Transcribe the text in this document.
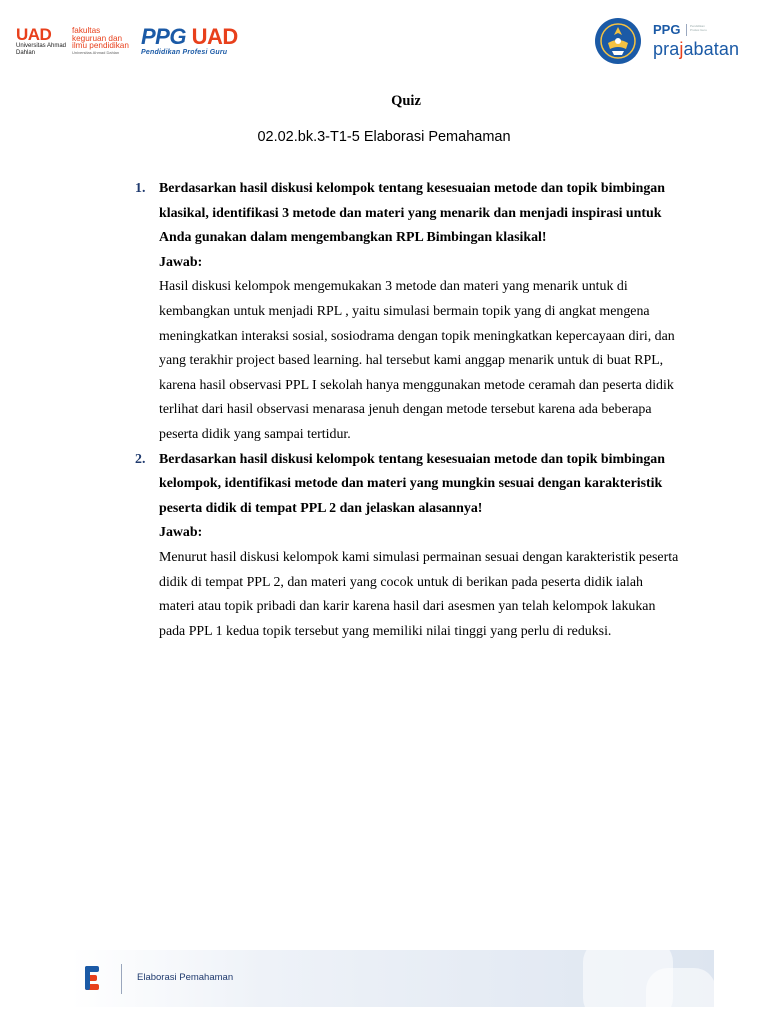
UAD
Universitas Ahmad Dahlan
fakultas
keguruan dan
ilmu pendidikan
Universitas Ahmad Dahlan
PPG UAD
Pendidikan Profesi Guru
PPG	Pendidikan Profesi Guru
prajabatan
Quiz
02.02.bk.3-T1-5 Elaborasi Pemahaman
1. Berdasarkan hasil diskusi kelompok tentang kesesuaian metode dan topik bimbingan klasikal, identifikasi 3 metode dan materi yang menarik dan menjadi inspirasi untuk Anda gunakan dalam mengembangkan RPL Bimbingan klasikal!
Jawab:
Hasil diskusi kelompok mengemukakan 3 metode dan materi yang menarik untuk di kembangkan untuk menjadi RPL , yaitu simulasi bermain topik yang di angkat mengena meningkatkan interaksi sosial, sosiodrama dengan topik meningkatkan kepercayaan diri, dan yang terakhir project based learning. hal tersebut kami anggap menarik untuk di buat RPL, karena hasil observasi PPL I sekolah hanya menggunakan metode ceramah dan peserta didik terlihat dari hasil observasi menarasa jenuh dengan metode tersebut karena ada beberapa peserta didik yang sampai tertidur.
2. Berdasarkan hasil diskusi kelompok tentang kesesuaian metode dan topik bimbingan kelompok, identifikasi metode dan materi yang mungkin sesuai dengan karakteristik peserta didik di tempat PPL 2 dan jelaskan alasannya!
Jawab:
Menurut hasil diskusi kelompok kami simulasi permainan sesuai dengan karakteristik peserta didik di tempat PPL 2, dan materi yang cocok untuk di berikan pada peserta didik ialah materi atau topik pribadi dan karir karena hasil dari asesmen yan telah kelompok lakukan pada PPL 1 kedua topik tersebut yang memiliki nilai tinggi yang perlu di reduksi.
Elaborasi Pemahaman
